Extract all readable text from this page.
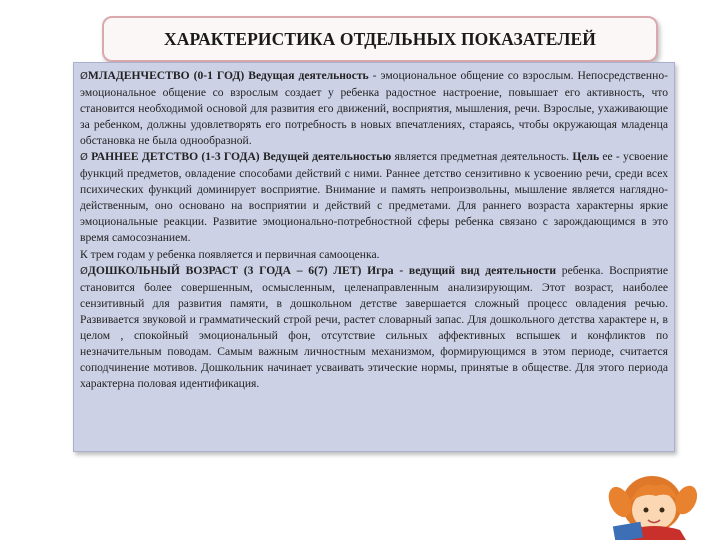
ХАРАКТЕРИСТИКА ОТДЕЛЬНЫХ ПОКАЗАТЕЛЕЙ

ØМЛАДЕНЧЕСТВО (0-1 ГОД) Ведущая деятельность - эмоциональное общение со взрослым. Непосредственно-эмоциональное общение со взрослым создает у ребенка радостное настроение, повышает его активность, что становится необходимой основой для развития его движений, восприятия, мышления, речи. Взрослые, ухаживающие за ребенком, должны удовлетворять его потребность в новых впечатлениях, стараясь, чтобы окружающая младенца обстановка не была однообразной.

Ø РАННЕЕ ДЕТСТВО (1-3 ГОДА) Ведущей деятельностью является предметная деятельность. Цель ее - усвоение функций предметов, овладение способами действий с ними. Раннее детство сензитивно к усвоению речи, среди всех психических функций доминирует восприятие. Внимание и память непроизвольны, мышление является наглядно-действенным, оно основано на восприятии и действий с предметами. Для раннего возраста характерны яркие эмоциональные реакции. Развитие эмоционально-потребностной сферы ребенка связано с зарождающимся в это время самосознанием.

К трем годам у ребенка появляется и первичная самооценка.

ØДОШКОЛЬНЫЙ ВОЗРАСТ (3 ГОДА – 6(7) ЛЕТ) Игра - ведущий вид деятельности ребенка. Восприятие становится более совершенным, осмысленным, целенаправленным анализирующим. Этот возраст, наиболее сензитивный для развития памяти, в дошкольном детстве завершается сложный процесс овладения речью. Развивается звуковой и грамматический строй речи, растет словарный запас. Для дошкольного детства характере н, в целом , спокойный эмоциональный фон, отсутствие сильных аффективных вспышек и конфликтов по незначительным поводам. Самым важным личностным механизмом, формирующимся в этом периоде, считается соподчинение мотивов. Дошкольник начинает усваивать этические нормы, принятые в обществе. Для этого периода характерна половая идентификация.
